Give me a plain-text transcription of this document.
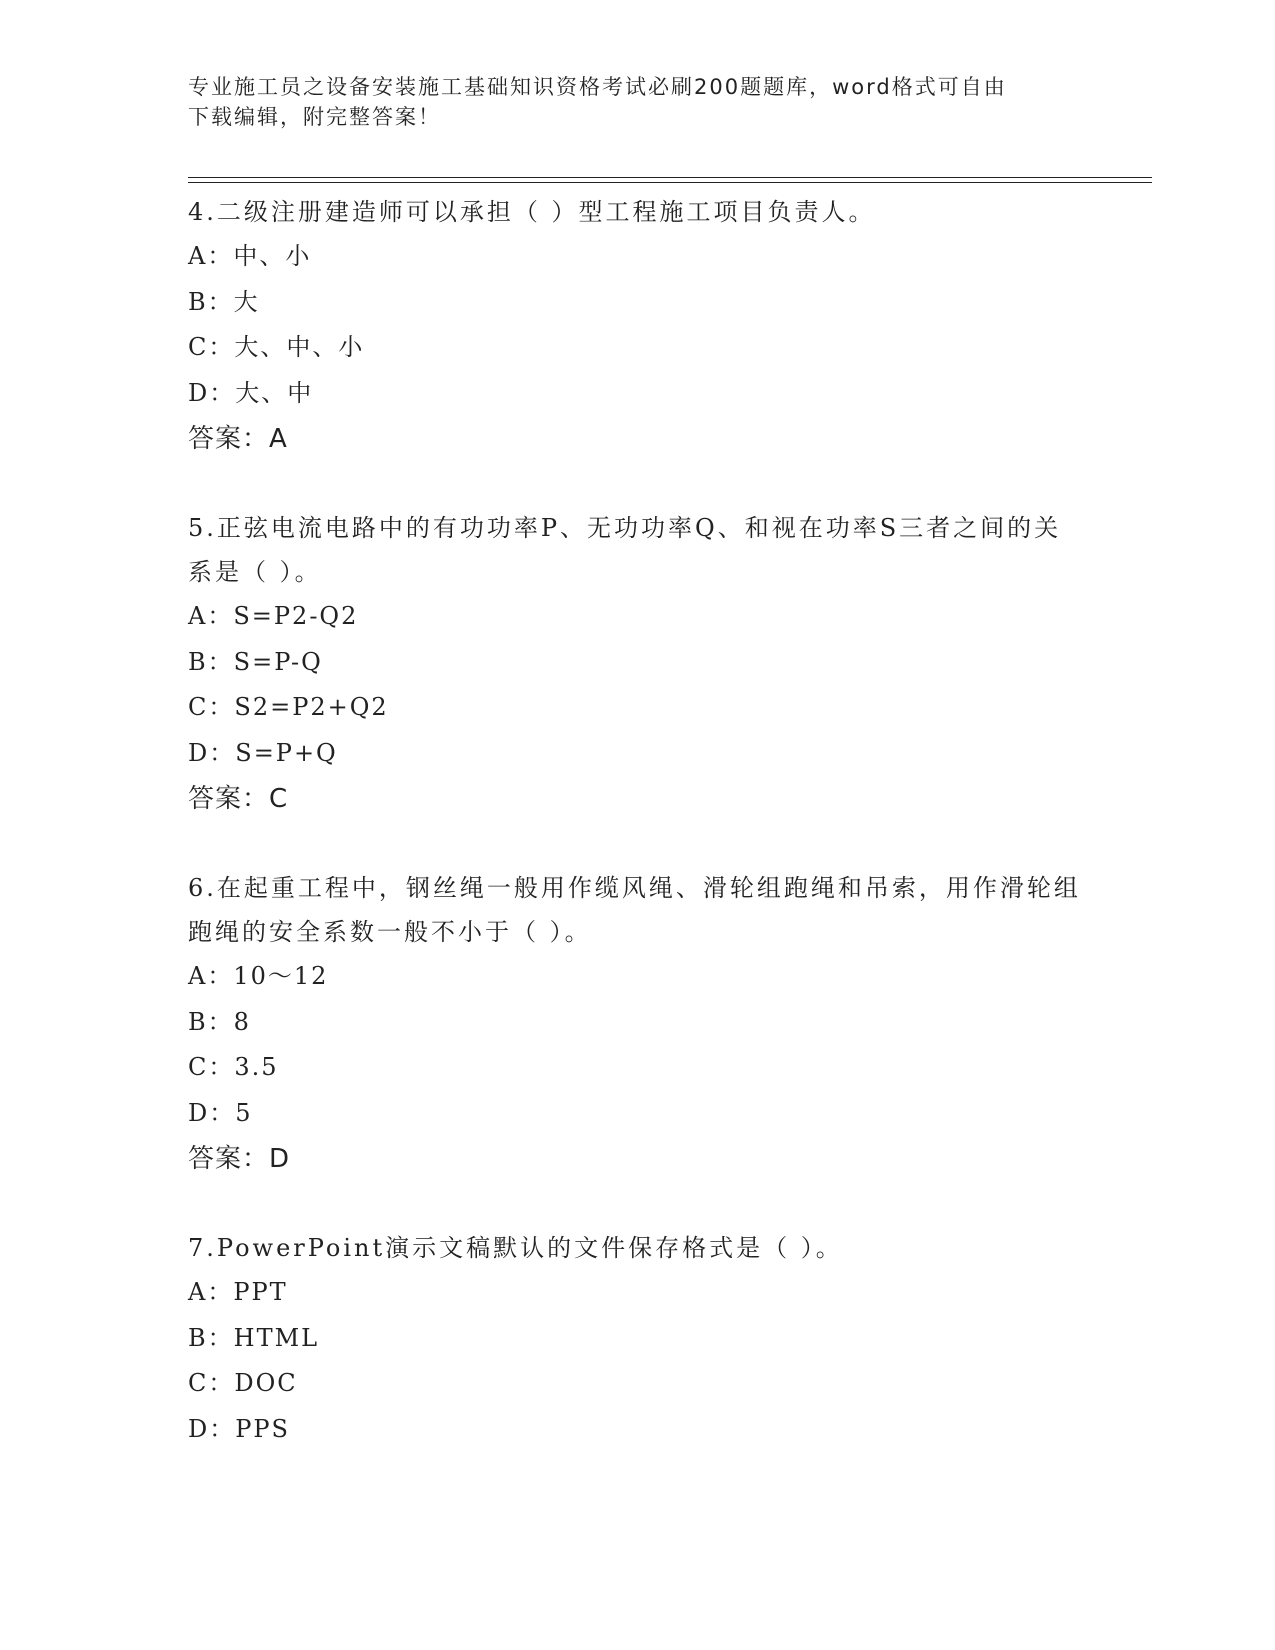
专业施工员之设备安装施工基础知识资格考试必刷200题题库，word格式可自由
下载编辑，附完整答案！

4.二级注册建造师可以承担（ ）型工程施工项目负责人。

A：中、小

B：大

C：大、中、小

D：大、中

答案：A

5.正弦电流电路中的有功功率P、无功功率Q、和视在功率S三者之间的关系是（ ）。

A：S=P2-Q2

B：S=P-Q

C：S2=P2+Q2

D：S=P+Q

答案：C

6.在起重工程中，钢丝绳一般用作缆风绳、滑轮组跑绳和吊索，用作滑轮组跑绳的安全系数一般不小于（ ）。

A：10～12

B：8

C：3.5

D：5

答案：D

7.PowerPoint演示文稿默认的文件保存格式是（ ）。

A：PPT

B：HTML

C：DOC

D：PPS
